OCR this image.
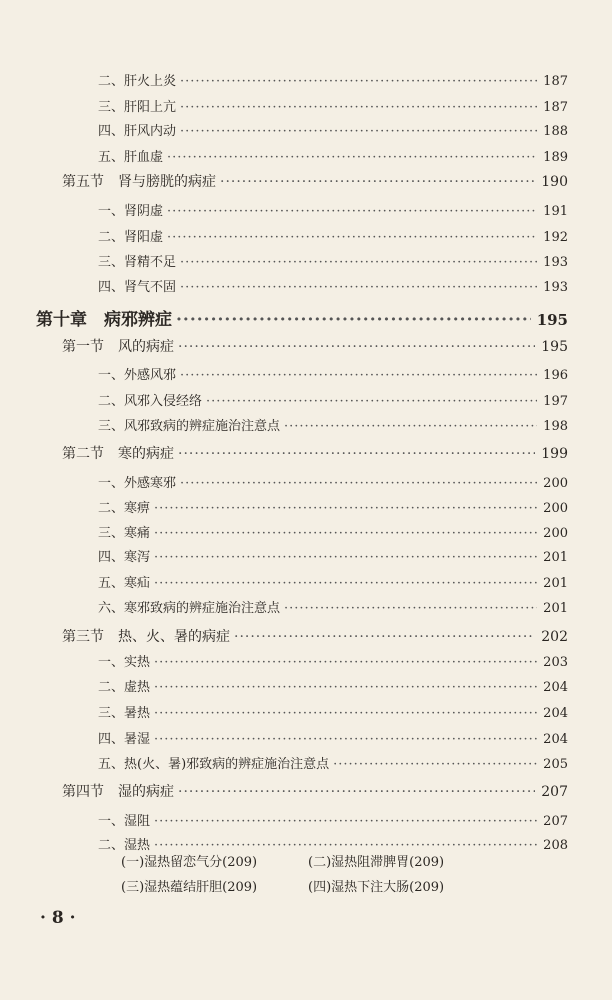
二、肝火上炎 ·····	187
三、肝阳上亢 ·····	187
四、肝风内动 ·····	188
五、肝血虚 ·····	189
第五节　肾与膀胱的病症 ·····	190
一、肾阴虚 ·····	191
二、肾阳虚 ·····	192
三、肾精不足 ·····	193
四、肾气不固 ·····	193
第十章　病邪辨症 ·····	195
第一节　风的病症 ·····	195
一、外感风邪 ·····	196
二、风邪入侵经络 ·····	197
三、风邪致病的辨症施治注意点 ·····	198
第二节　寒的病症 ·····	199
一、外感寒邪 ·····	200
二、寒痹 ·····	200
三、寒痛 ·····	200
四、寒泻 ·····	201
五、寒疝 ·····	201
六、寒邪致病的辨症施治注意点 ·····	201
第三节　热、火、暑的病症 ·····	202
一、实热 ·····	203
二、虚热 ·····	204
三、暑热 ·····	204
四、暑湿 ·····	204
五、热(火、暑)邪致病的辨症施治注意点 ·····	205
第四节　湿的病症 ·····	207
一、湿阻 ·····	207
二、湿热 ·····	208
(一)湿热留恋气分(209)	(二)湿热阻滞脾胃(209)
(三)湿热蕴结肝胆(209)	(四)湿热下注大肠(209)
· 8 ·
